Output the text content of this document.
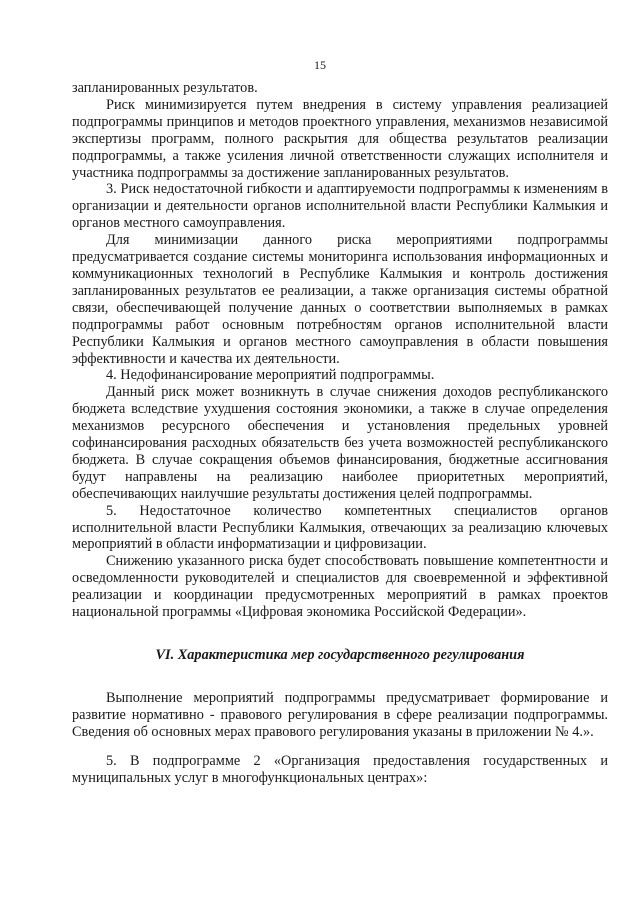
15

запланированных результатов.

Риск минимизируется путем внедрения в систему управления реализацией подпрограммы принципов и методов проектного управления, механизмов независимой экспертизы программ, полного раскрытия для общества результатов реализации подпрограммы, а также усиления личной ответственности служащих исполнителя и участника подпрограммы за достижение запланированных результатов.

3. Риск недостаточной гибкости и адаптируемости подпрограммы к изменениям в организации и деятельности органов исполнительной власти Республики Калмыкия и органов местного самоуправления.

Для минимизации данного риска мероприятиями подпрограммы предусматривается создание системы мониторинга использования информационных и коммуникационных технологий в Республике Калмыкия и контроль достижения запланированных результатов ее реализации, а также организация системы обратной связи, обеспечивающей получение данных о соответствии выполняемых в рамках подпрограммы работ основным потребностям органов исполнительной власти Республики Калмыкия и органов местного самоуправления в области повышения эффективности и качества их деятельности.

4. Недофинансирование мероприятий подпрограммы.

Данный риск может возникнуть в случае снижения доходов республиканского бюджета вследствие ухудшения состояния экономики, а также в случае определения механизмов ресурсного обеспечения и установления предельных уровней софинансирования расходных обязательств без учета возможностей республиканского бюджета. В случае сокращения объемов финансирования, бюджетные ассигнования будут направлены на реализацию наиболее приоритетных мероприятий, обеспечивающих наилучшие результаты достижения целей подпрограммы.

5. Недостаточное количество компетентных специалистов органов исполнительной власти Республики Калмыкия, отвечающих за реализацию ключевых мероприятий в области информатизации и цифровизации.

Снижению указанного риска будет способствовать повышение компетентности и осведомленности руководителей и специалистов для своевременной и эффективной реализации и координации предусмотренных мероприятий в рамках проектов национальной программы «Цифровая экономика Российской Федерации».

VI. Характеристика мер государственного регулирования

Выполнение мероприятий подпрограммы предусматривает формирование и развитие нормативно - правового регулирования в сфере реализации подпрограммы. Сведения об основных мерах правового регулирования указаны в приложении № 4.».

5. В подпрограмме 2 «Организация предоставления государственных и муниципальных услуг в многофункциональных центрах»:
